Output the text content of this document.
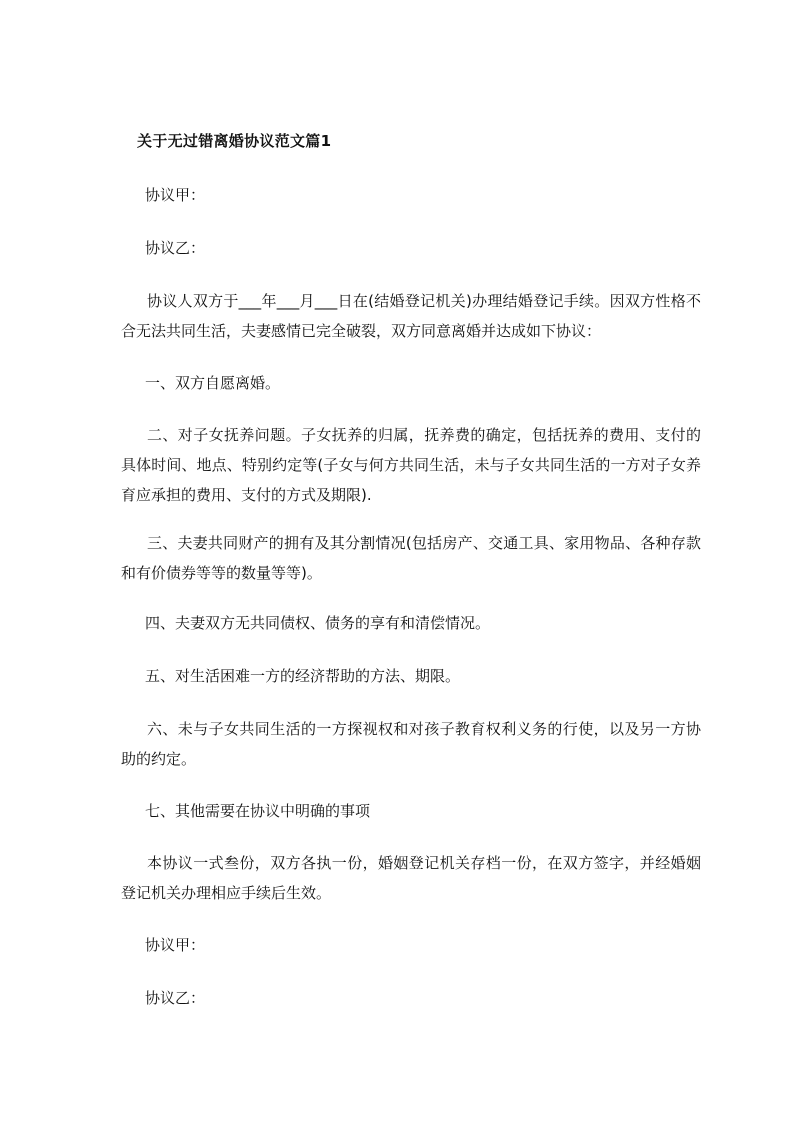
关于无过错离婚协议范文篇1
协议甲：
协议乙：
协议人双方于___年___月___日在(结婚登记机关)办理结婚登记手续。因双方性格不合无法共同生活，夫妻感情已完全破裂，双方同意离婚并达成如下协议：
一、双方自愿离婚。
二、对子女抚养问题。子女抚养的归属，抚养费的确定，包括抚养的费用、支付的具体时间、地点、特别约定等(子女与何方共同生活，未与子女共同生活的一方对子女养育应承担的费用、支付的方式及期限).
三、夫妻共同财产的拥有及其分割情况(包括房产、交通工具、家用物品、各种存款和有价债券等等的数量等等)。
四、夫妻双方无共同债权、债务的享有和清偿情况。
五、对生活困难一方的经济帮助的方法、期限。
六、未与子女共同生活的一方探视权和对孩子教育权利义务的行使，以及另一方协助的约定。
七、其他需要在协议中明确的事项
本协议一式叁份，双方各执一份，婚姻登记机关存档一份，在双方签字，并经婚姻登记机关办理相应手续后生效。
协议甲：
协议乙：
